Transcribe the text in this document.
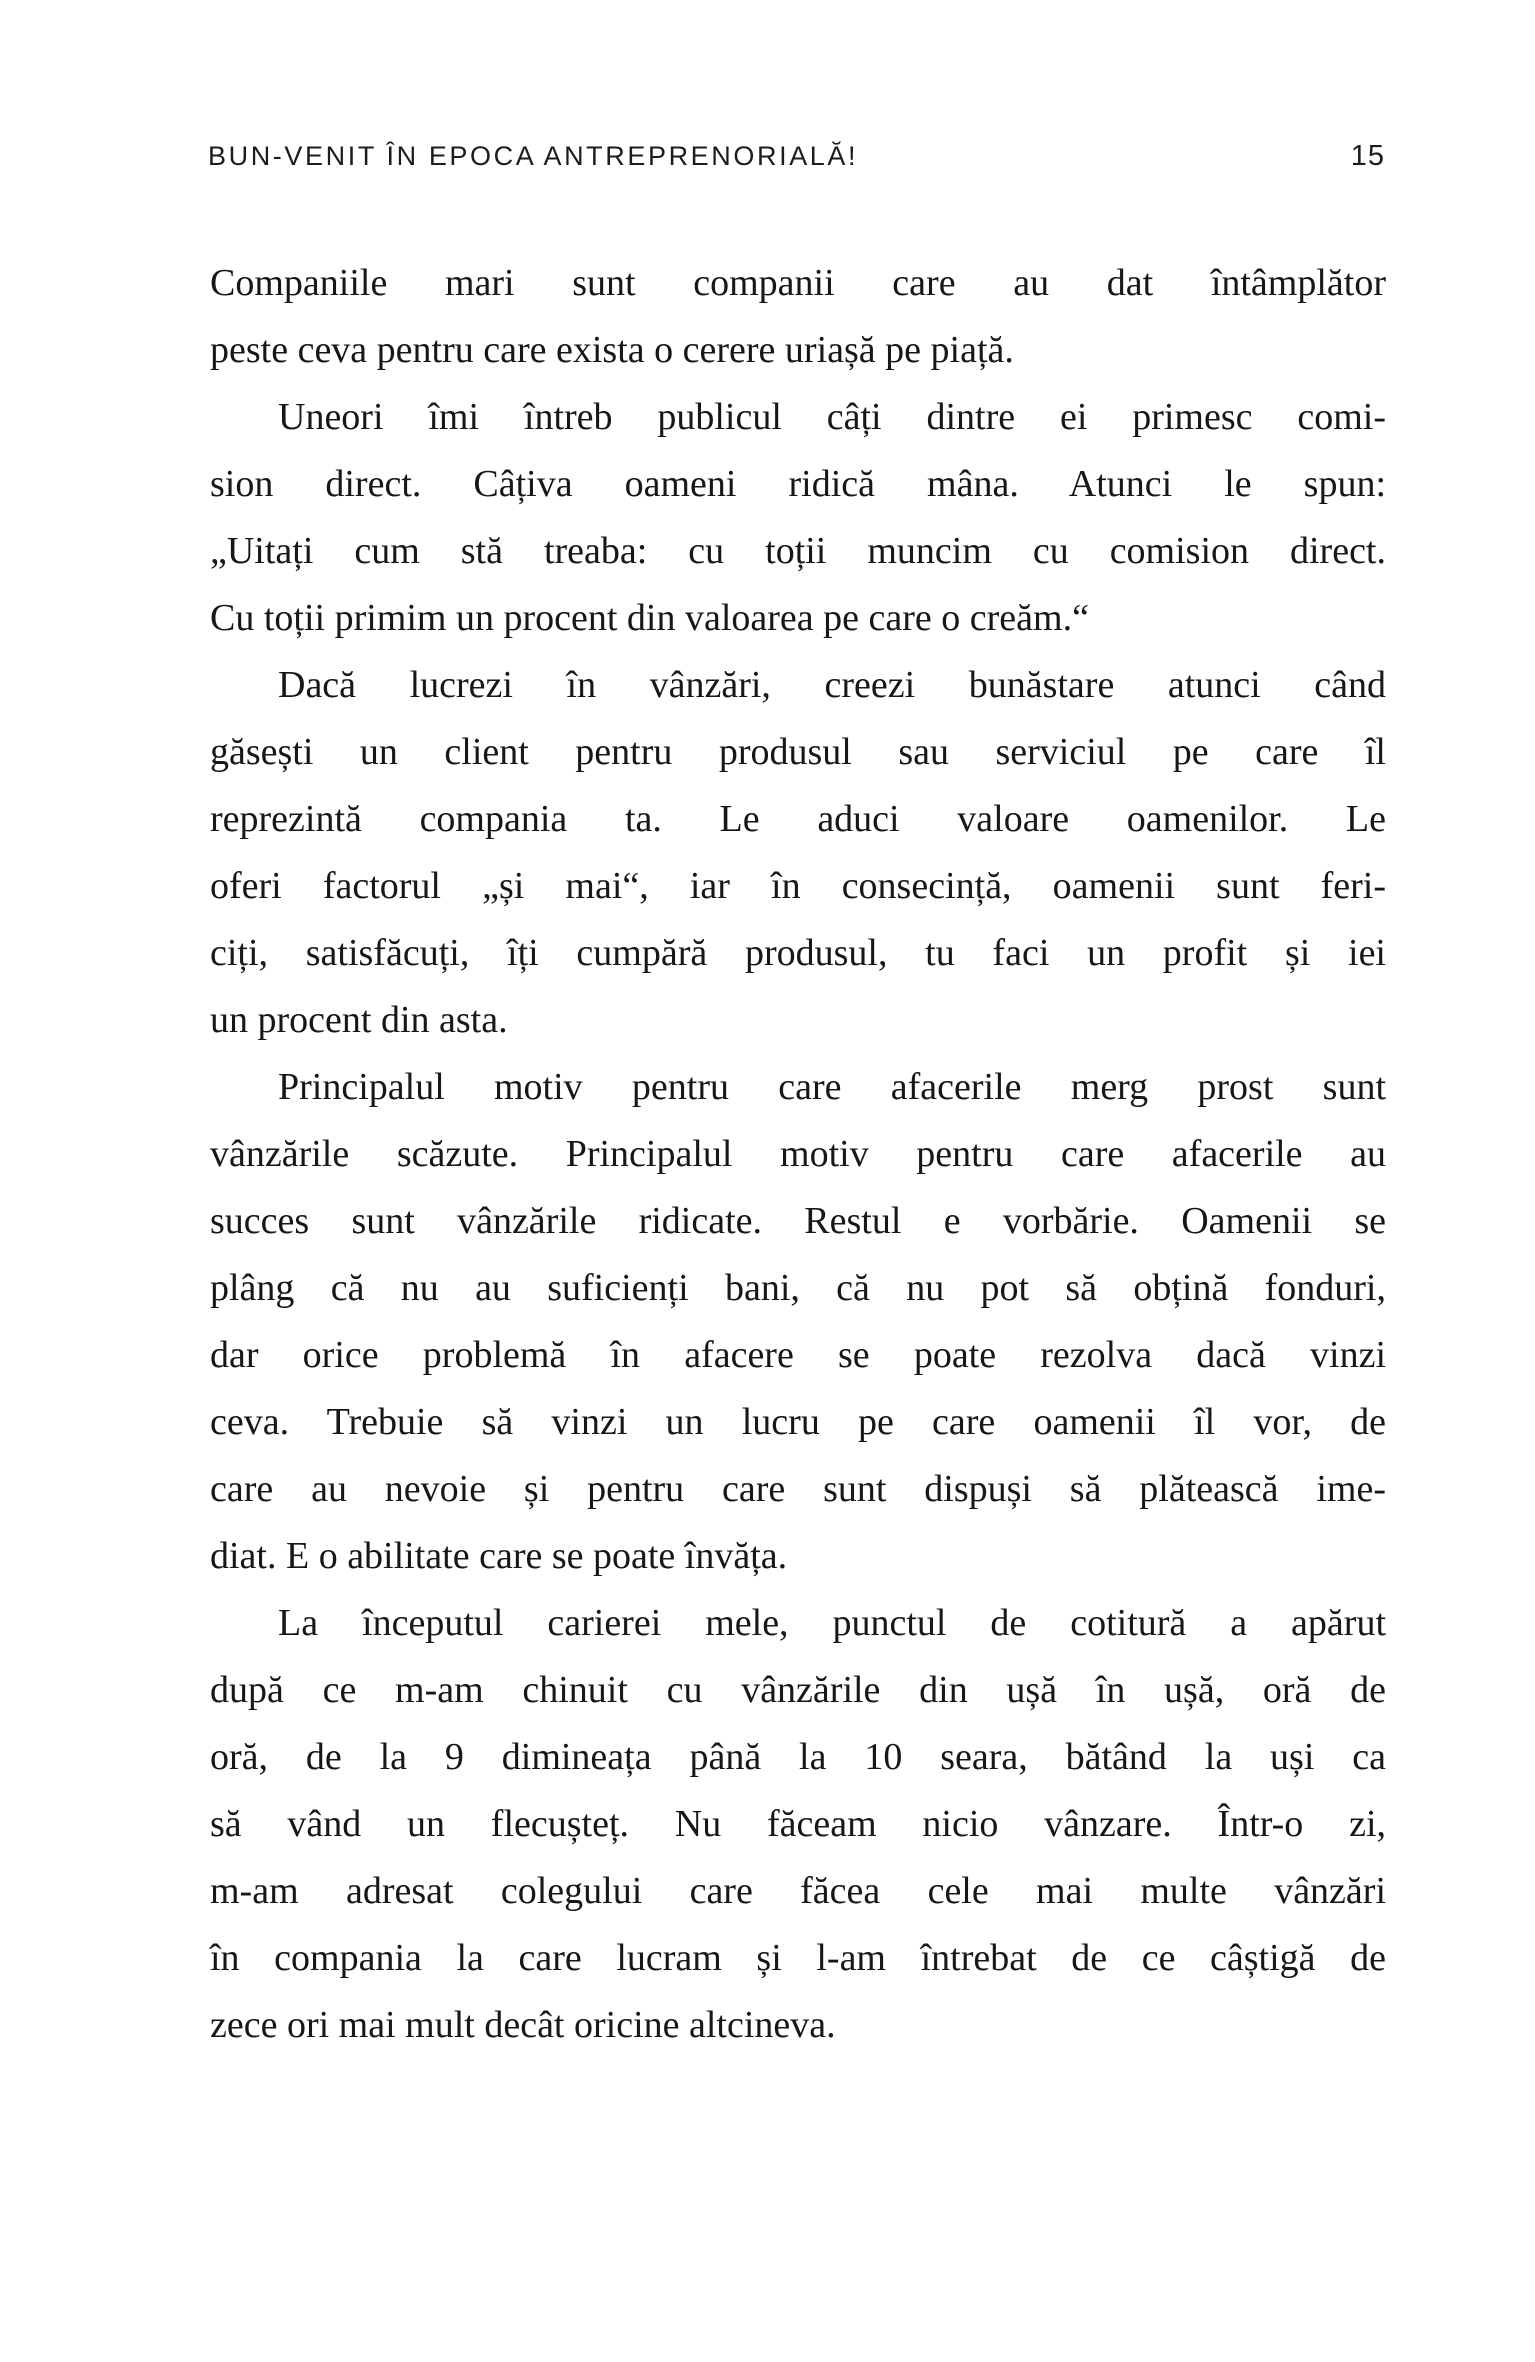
BUN-VENIT ÎN EPOCA ANTREPRENORIALĂ!	15
Companiile mari sunt companii care au dat întâmplător
peste ceva pentru care exista o cerere uriașă pe piață.
Uneori îmi întreb publicul câți dintre ei primesc comi-
sion direct. Câțiva oameni ridică mâna. Atunci le spun:
„Uitați cum stă treaba: cu toții muncim cu comision direct.
Cu toții primim un procent din valoarea pe care o creăm.“
Dacă lucrezi în vânzări, creezi bunăstare atunci când
găsești un client pentru produsul sau serviciul pe care îl
reprezintă compania ta. Le aduci valoare oamenilor. Le
oferi factorul „și mai“, iar în consecință, oamenii sunt feri-
ciți, satisfăcuți, îți cumpără produsul, tu faci un profit și iei
un procent din asta.
Principalul motiv pentru care afacerile merg prost sunt
vânzările scăzute. Principalul motiv pentru care afacerile au
succes sunt vânzările ridicate. Restul e vorbărie. Oamenii se
plâng că nu au suficienți bani, că nu pot să obțină fonduri,
dar orice problemă în afacere se poate rezolva dacă vinzi
ceva. Trebuie să vinzi un lucru pe care oamenii îl vor, de
care au nevoie și pentru care sunt dispuși să plătească ime-
diat. E o abilitate care se poate învăța.
La începutul carierei mele, punctul de cotitură a apărut
după ce m-am chinuit cu vânzările din ușă în ușă, oră de
oră, de la 9 dimineața până la 10 seara, bătând la uși ca
să vând un flecușteț. Nu făceam nicio vânzare. Într-o zi,
m-am adresat colegului care făcea cele mai multe vânzări
în compania la care lucram și l-am întrebat de ce câștigă de
zece ori mai mult decât oricine altcineva.
